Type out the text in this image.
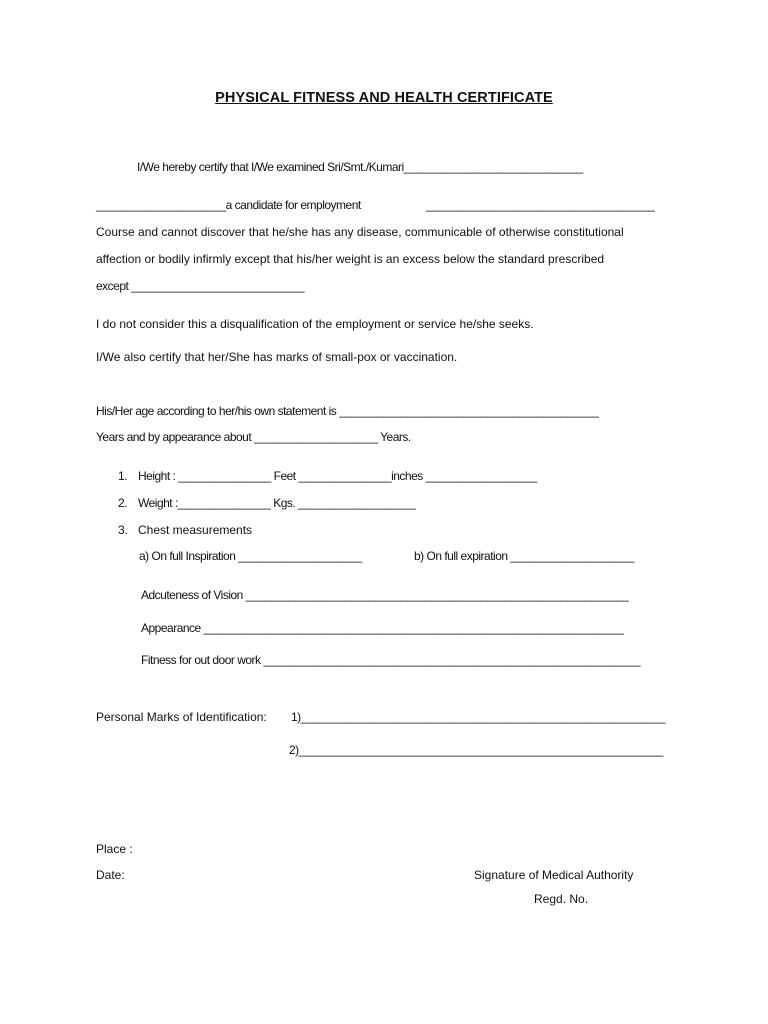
PHYSICAL FITNESS AND HEALTH CERTIFICATE
I/We hereby certify that I/We examined Sri/Smt./Kumari_____________________________
_____________________a candidate for employment	_____________________________________
Course and cannot discover that he/she has any disease, communicable of otherwise constitutional
affection or bodily infirmly except that his/her weight is an excess below the standard prescribed
except ____________________________
I do not consider this a disqualification of the employment or service he/she seeks.
I/We also certify that her/She has marks of small-pox or vaccination.
His/Her age according to her/his own statement is __________________________________________
Years and by appearance about ____________________ Years.
1. Height : _______________ Feet _______________inches __________________
2. Weight :_______________ Kgs. ___________________
3. Chest measurements
a) On full Inspiration ____________________	b) On full expiration ____________________
Adcuteness of Vision ______________________________________________________________
Appearance ____________________________________________________________________
Fitness for out door work _____________________________________________________________
Personal Marks of Identification: 1)___________________________________________________________
2)___________________________________________________________
Place :
Date:	Signature of Medical Authority
Regd. No.
